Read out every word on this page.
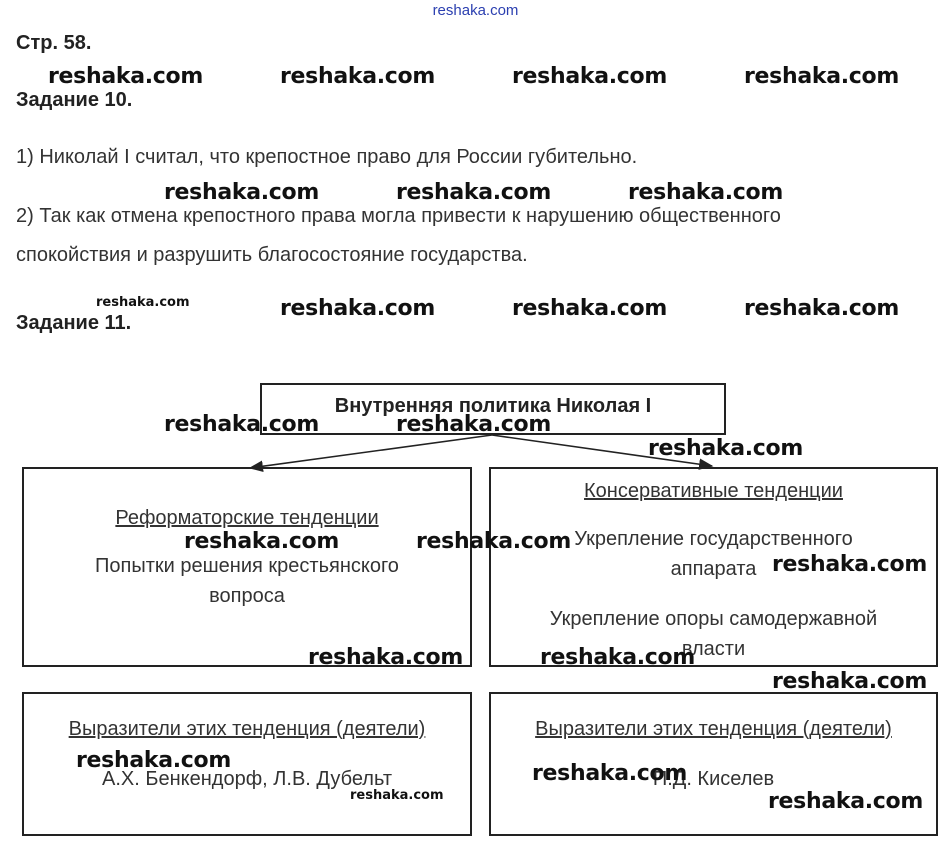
reshaka.com
Стр. 58.
reshaka.com	reshaka.com	reshaka.com	reshaka.com
Задание 10.
1) Николай I считал, что крепостное право для России губительно.
reshaka.com	reshaka.com	reshaka.com
2) Так как отмена крепостного права могла привести к нарушению общественного
спокойствия и разрушить благосостояние государства.
reshaka.com	reshaka.com	reshaka.com	reshaka.com
Задание 11.
Внутренняя политика Николая I
Реформаторские тенденции
Попытки решения крестьянского
вопроса
Консервативные тенденции
Укрепление государственного
аппарата
Укрепление опоры самодержавной
власти
Выразители этих тенденция (деятели)
А.Х. Бенкендорф, Л.В. Дубельт
Выразители этих тенденция (деятели)
П.Д. Киселев
reshaka.com	reshaka.com
reshaka.com
reshaka.com	reshaka.com
reshaka.com
reshaka.com	reshaka.com
reshaka.com
reshaka.com
reshaka.com
reshaka.com	reshaka.com
